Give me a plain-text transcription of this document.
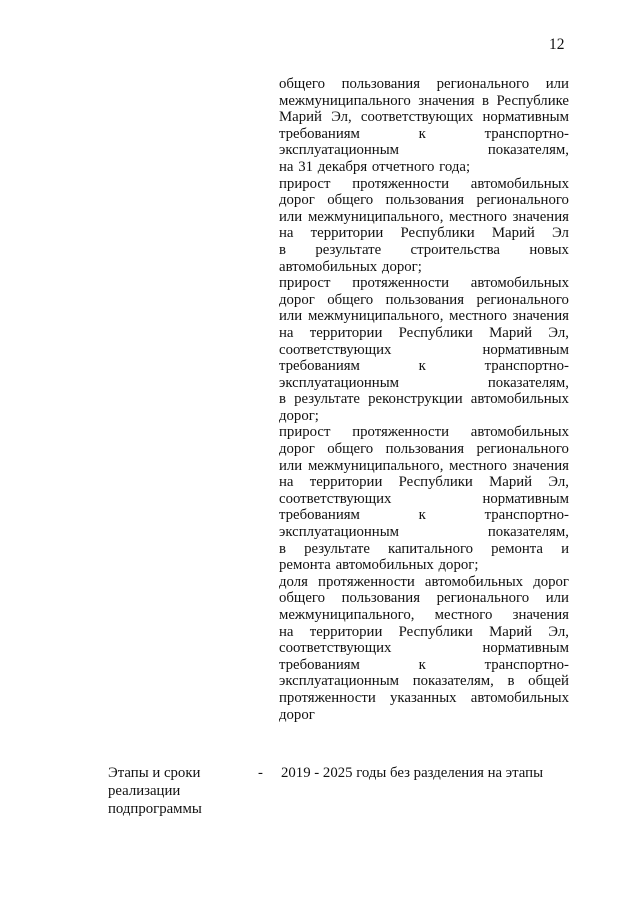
12
общего пользования регионального или
межмуниципального значения в Республике
Марий Эл, соответствующих нормативным
требованиям	к	транспортно-
эксплуатационным	показателям,
на 31 декабря отчетного года;
прирост протяженности автомобильных
дорог общего пользования регионального
или межмуниципального, местного значения
на территории Республики Марий Эл
в результате строительства новых
автомобильных дорог;
прирост протяженности автомобильных
дорог общего пользования регионального
или межмуниципального, местного значения
на территории Республики Марий Эл,
соответствующих	нормативным
требованиям	к	транспортно-
эксплуатационным	показателям,
в результате реконструкции автомобильных
дорог;
прирост протяженности автомобильных
дорог общего пользования регионального
или межмуниципального, местного значения
на территории Республики Марий Эл,
соответствующих	нормативным
требованиям	к	транспортно-
эксплуатационным	показателям,
в результате капитального ремонта и
ремонта автомобильных дорог;
доля протяженности автомобильных дорог
общего пользования регионального или
межмуниципального, местного значения
на территории Республики Марий Эл,
соответствующих	нормативным
требованиям	к	транспортно-
эксплуатационным показателям, в общей
протяженности указанных автомобильных
дорог
Этапы и сроки
реализации
подпрограммы
- 2019 - 2025 годы без разделения на этапы
